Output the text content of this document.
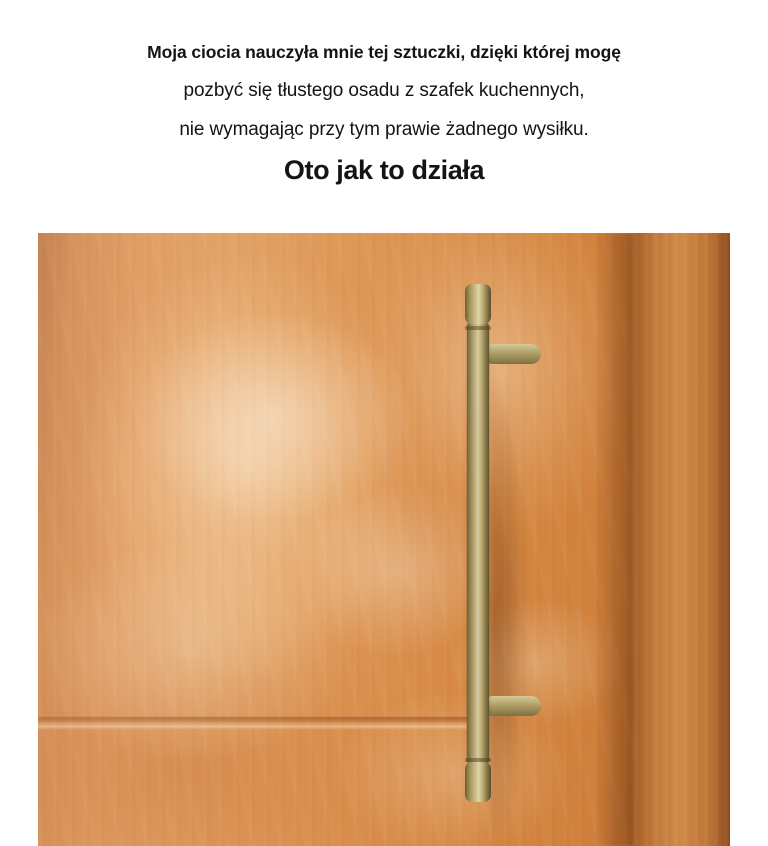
Moja ciocia nauczyła mnie tej sztuczki, dzięki której mogę
pozbyć się tłustego osadu z szafek kuchennych,
nie wymagając przy tym prawie żadnego wysiłku.
Oto jak to działa
